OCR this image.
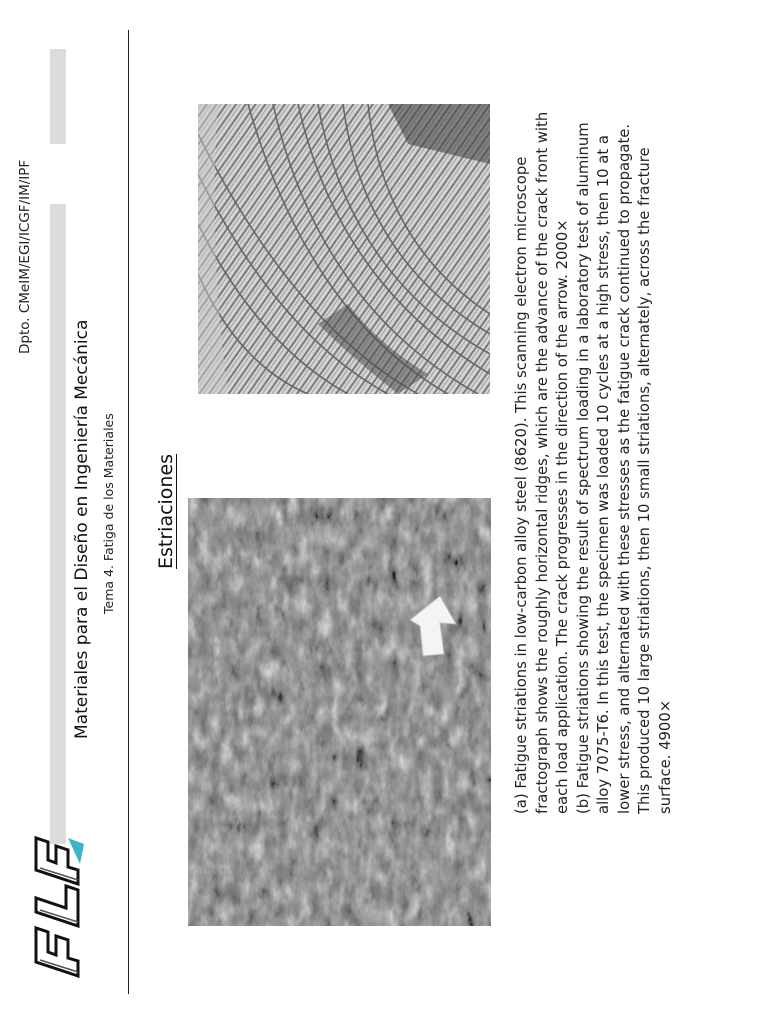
Dpto. CMeIM/EGI/ICGF/IM/IPF
Materiales para el Diseño en Ingeniería Mecánica Tema 4. Fatiga de los Materiales Estriaciones	(a) Fatigue striations in low-carbon alloy steel (8620). This scanning electron microscope fractograph shows the roughly horizontal ridges, which are the advance of the crack front with each load application. The crack progresses in the direction of the arrow. 2000× (b) Fatigue striations showing the result of spectrum loading in a laboratory test of aluminum alloy 7075-T6. In this test, the specimen was loaded 10 cycles at a high stress, then 10 at a lower stress, and alternated with these stresses as the fatigue crack continued to propagate. This produced 10 large striations, then 10 small striations, alternately, across the fracture surface. 4900×
